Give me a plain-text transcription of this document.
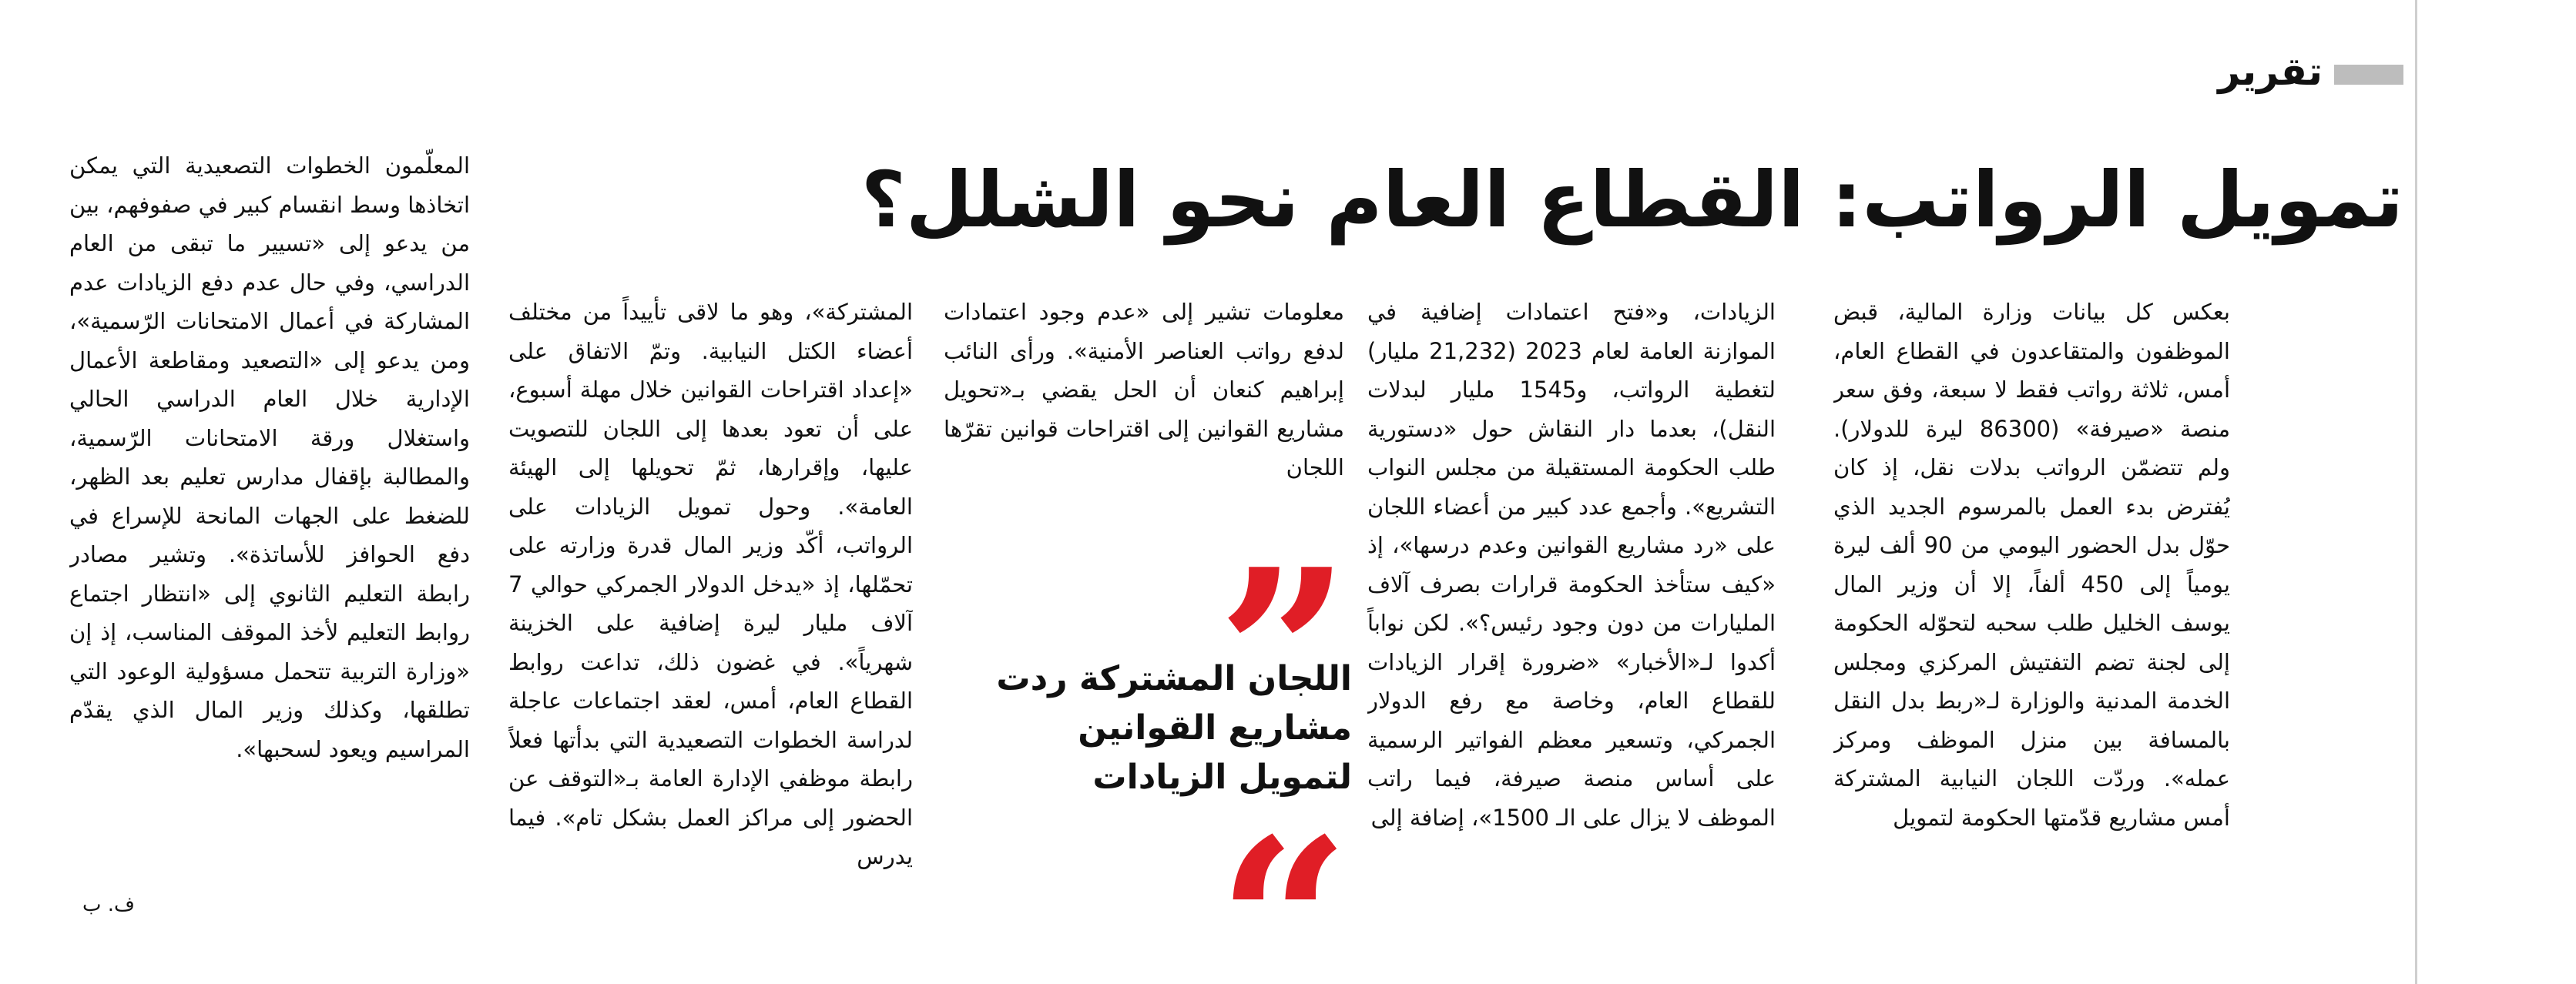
تقرير
تمويل الرواتب: القطاع العام نحو الشلل؟

بعكس كل بيانات وزارة المالية، قبض الموظفون والمتقاعدون في القطاع العام، أمس، ثلاثة رواتب فقط لا سبعة، وفق سعر منصة «صيرفة» (86300 ليرة للدولار). ولم تتضمّن الرواتب بدلات نقل، إذ كان يُفترض بدء العمل بالمرسوم الجديد الذي حوّل بدل الحضور اليومي من 90 ألف ليرة يومياً إلى 450 ألفاً، إلا أن وزير المال يوسف الخليل طلب سحبه لتحوّله الحكومة إلى لجنة تضم التفتيش المركزي ومجلس الخدمة المدنية والوزارة لـ«ربط بدل النقل بالمسافة بين منزل الموظف ومركز عمله». وردّت اللجان النيابية المشتركة أمس مشاريع قدّمتها الحكومة لتمويل

الزيادات، و«فتح اعتمادات إضافية في الموازنة العامة لعام 2023 (21,232 مليار) لتغطية الرواتب، و1545 مليار لبدلات النقل)، بعدما دار النقاش حول «دستورية طلب الحكومة المستقيلة من مجلس النواب التشريع». وأجمع عدد كبير من أعضاء اللجان على «رد مشاريع القوانين وعدم درسها»، إذ «كيف ستأخذ الحكومة قرارات بصرف آلاف المليارات من دون وجود رئيس؟». لكن نواباً أكدوا لـ«الأخبار» «ضرورة إقرار الزيادات للقطاع العام، وخاصة مع رفع الدولار الجمركي، وتسعير معظم الفواتير الرسمية على أساس منصة صيرفة، فيما راتب الموظف لا يزال على الـ 1500»، إضافة إلى

معلومات تشير إلى «عدم وجود اعتمادات لدفع رواتب العناصر الأمنية». ورأى النائب إبراهيم كنعان أن الحل يقضي بـ«تحويل مشاريع القوانين إلى اقتراحات قوانين تقرّها اللجان

اللجان المشتركة ردت مشاريع القوانين لتمويل الزيادات

المشتركة»، وهو ما لاقى تأييداً من مختلف أعضاء الكتل النيابية. وتمّ الاتفاق على «إعداد اقتراحات القوانين خلال مهلة أسبوع، على أن تعود بعدها إلى اللجان للتصويت عليها، وإقرارها، ثمّ تحويلها إلى الهيئة العامة». وحول تمويل الزيادات على الرواتب، أكّد وزير المال قدرة وزارته على تحمّلها، إذ «يدخل الدولار الجمركي حوالي 7 آلاف مليار ليرة إضافية على الخزينة شهرياً». في غضون ذلك، تداعت روابط القطاع العام، أمس، لعقد اجتماعات عاجلة لدراسة الخطوات التصعيدية التي بدأتها فعلاً رابطة موظفي الإدارة العامة بـ«التوقف عن الحضور إلى مراكز العمل بشكل تام». فيما يدرس

المعلّمون الخطوات التصعيدية التي يمكن اتخاذها وسط انقسام كبير في صفوفهم، بين من يدعو إلى «تسيير ما تبقى من العام الدراسي، وفي حال عدم دفع الزيادات عدم المشاركة في أعمال الامتحانات الرّسمية»، ومن يدعو إلى «التصعيد ومقاطعة الأعمال الإدارية خلال العام الدراسي الحالي واستغلال ورقة الامتحانات الرّسمية، والمطالبة بإقفال مدارس تعليم بعد الظهر، للضغط على الجهات المانحة للإسراع في دفع الحوافز للأساتذة». وتشير مصادر رابطة التعليم الثانوي إلى «انتظار اجتماع روابط التعليم لأخذ الموقف المناسب، إذ إن «وزارة التربية تتحمل مسؤولية الوعود التي تطلقها، وكذلك وزير المال الذي يقدّم المراسيم ويعود لسحبها».

ف. ب
